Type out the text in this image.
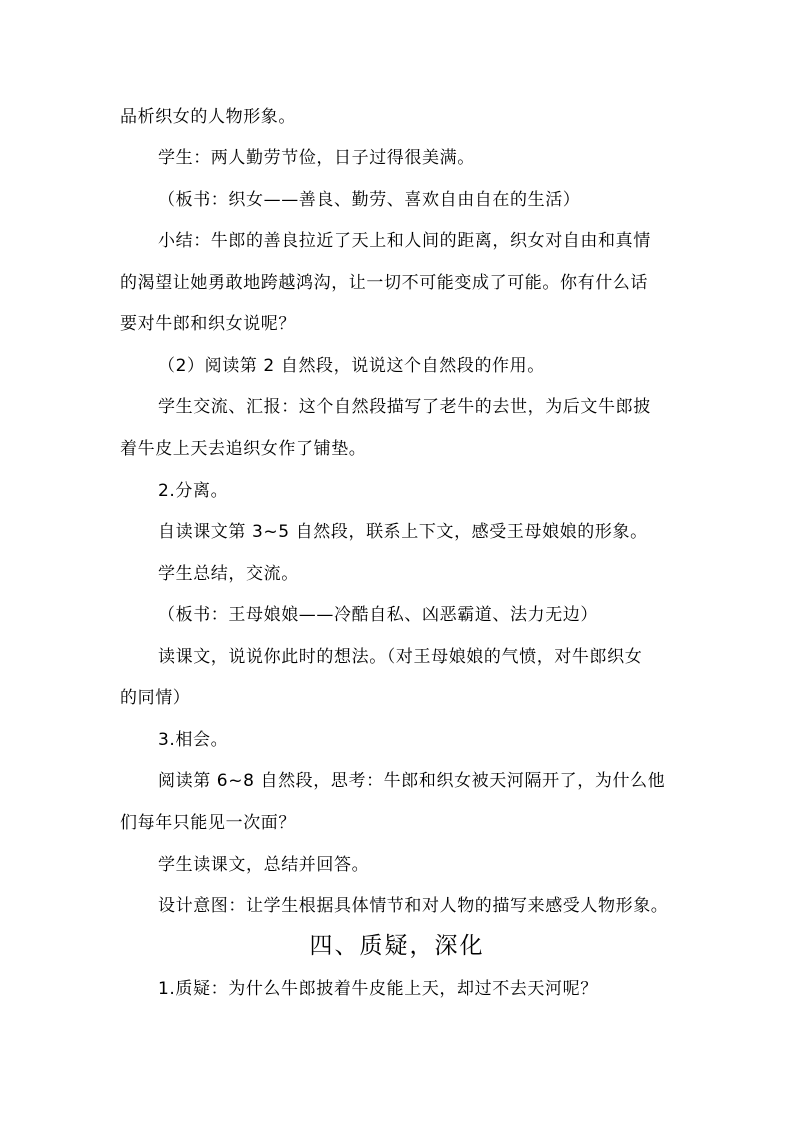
品析织女的人物形象。
学生：两人勤劳节俭，日子过得很美满。
（板书：织女——善良、勤劳、喜欢自由自在的生活）
小结：牛郎的善良拉近了天上和人间的距离，织女对自由和真情
的渴望让她勇敢地跨越鸿沟，让一切不可能变成了可能。你有什么话
要对牛郎和织女说呢？
（2）阅读第 2 自然段，说说这个自然段的作用。
学生交流、汇报：这个自然段描写了老牛的去世，为后文牛郎披
着牛皮上天去追织女作了铺垫。
2.分离。
自读课文第 3~5 自然段，联系上下文，感受王母娘娘的形象。
学生总结，交流。
（板书：王母娘娘——冷酷自私、凶恶霸道、法力无边）
读课文，说说你此时的想法。（对王母娘娘的气愤，对牛郎织女
的同情）
3.相会。
阅读第 6~8 自然段，思考：牛郎和织女被天河隔开了，为什么他
们每年只能见一次面？
学生读课文，总结并回答。
设计意图：让学生根据具体情节和对人物的描写来感受人物形象。
四、质疑，深化
1.质疑：为什么牛郎披着牛皮能上天，却过不去天河呢？
